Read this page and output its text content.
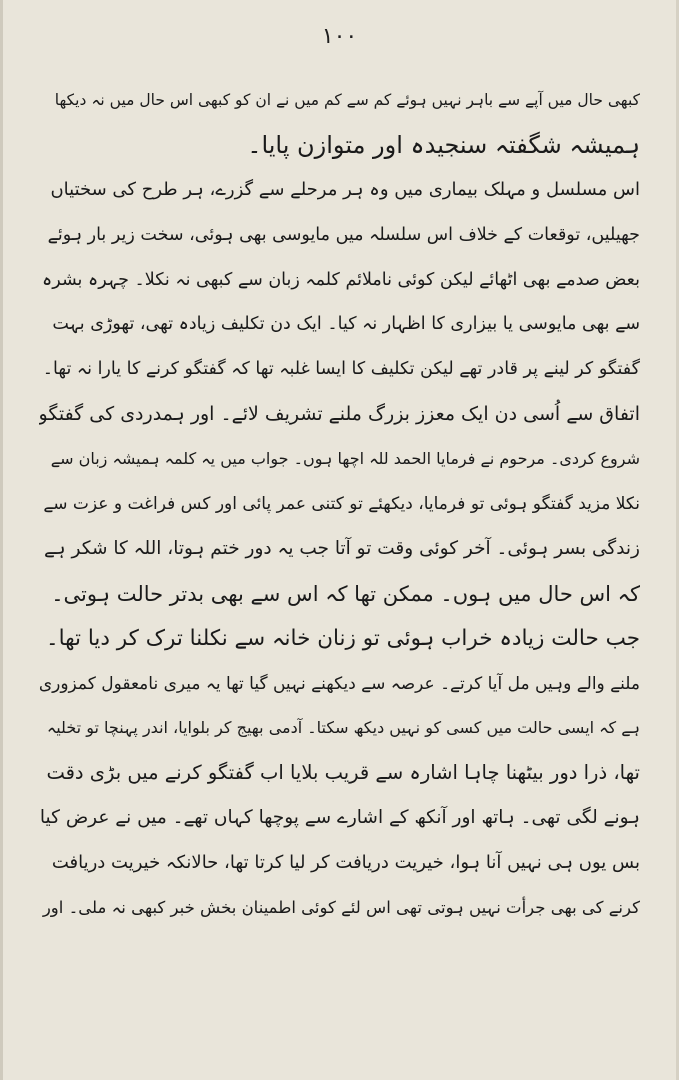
۱۰۰
کبھی حال میں آپے سے باہر نہیں ہوئے کم سے کم میں نے ان کو کبھی اس حال میں نہ دیکھا
ہمیشہ شگفتہ سنجیدہ اور متوازن پایا۔
اس مسلسل و مہلک بیماری میں وہ ہر مرحلے سے گزرے، ہر طرح کی سختیاں
جھیلیں، توقعات کے خلاف اس سلسلہ میں مایوسی بھی ہوئی، سخت زیر بار ہوئے
بعض صدمے بھی اٹھائے لیکن کوئی ناملائم کلمہ زبان سے کبھی نہ نکلا۔ چہرہ بشرہ
سے بھی مایوسی یا بیزاری کا اظہار نہ کیا۔ ایک دن تکلیف زیادہ تھی، تھوڑی بہت
گفتگو کر لینے پر قادر تھے لیکن تکلیف کا ایسا غلبہ تھا کہ گفتگو کرنے کا یارا نہ تھا۔
اتفاق سے اُسی دن ایک معزز بزرگ ملنے تشریف لائے۔ اور ہمدردی کی گفتگو
شروع کردی۔ مرحوم نے فرمایا الحمد للہ اچھا ہوں۔ جواب میں یہ کلمہ ہمیشہ زبان سے
نکلا مزید گفتگو ہوئی تو فرمایا، دیکھئے تو کتنی عمر پائی اور کس فراغت و عزت سے
زندگی بسر ہوئی۔ آخر کوئی وقت تو آتا جب یہ دور ختم ہوتا، اللہ کا شکر ہے
کہ اس حال میں ہوں۔ ممکن تھا کہ اس سے بھی بدتر حالت ہوتی۔
جب حالت زیادہ خراب ہوئی تو زنان خانہ سے نکلنا ترک کر دیا تھا۔
ملنے والے وہیں مل آیا کرتے۔ عرصہ سے دیکھنے نہیں گیا تھا یہ میری نامعقول کمزوری
ہے کہ ایسی حالت میں کسی کو نہیں دیکھ سکتا۔ آدمی بھیج کر بلوایا، اندر پہنچا تو تخلیہ
تھا، ذرا دور بیٹھنا چاہا اشارہ سے قریب بلایا اب گفتگو کرنے میں بڑی دقت
ہونے لگی تھی۔ ہاتھ اور آنکھ کے اشارے سے پوچھا کہاں تھے۔ میں نے عرض کیا
بس یوں ہی نہیں آنا ہوا، خیریت دریافت کر لیا کرتا تھا، حالانکہ خیریت دریافت
کرنے کی بھی جرأت نہیں ہوتی تھی اس لئے کوئی اطمینان بخش خبر کبھی نہ ملی۔ اور
